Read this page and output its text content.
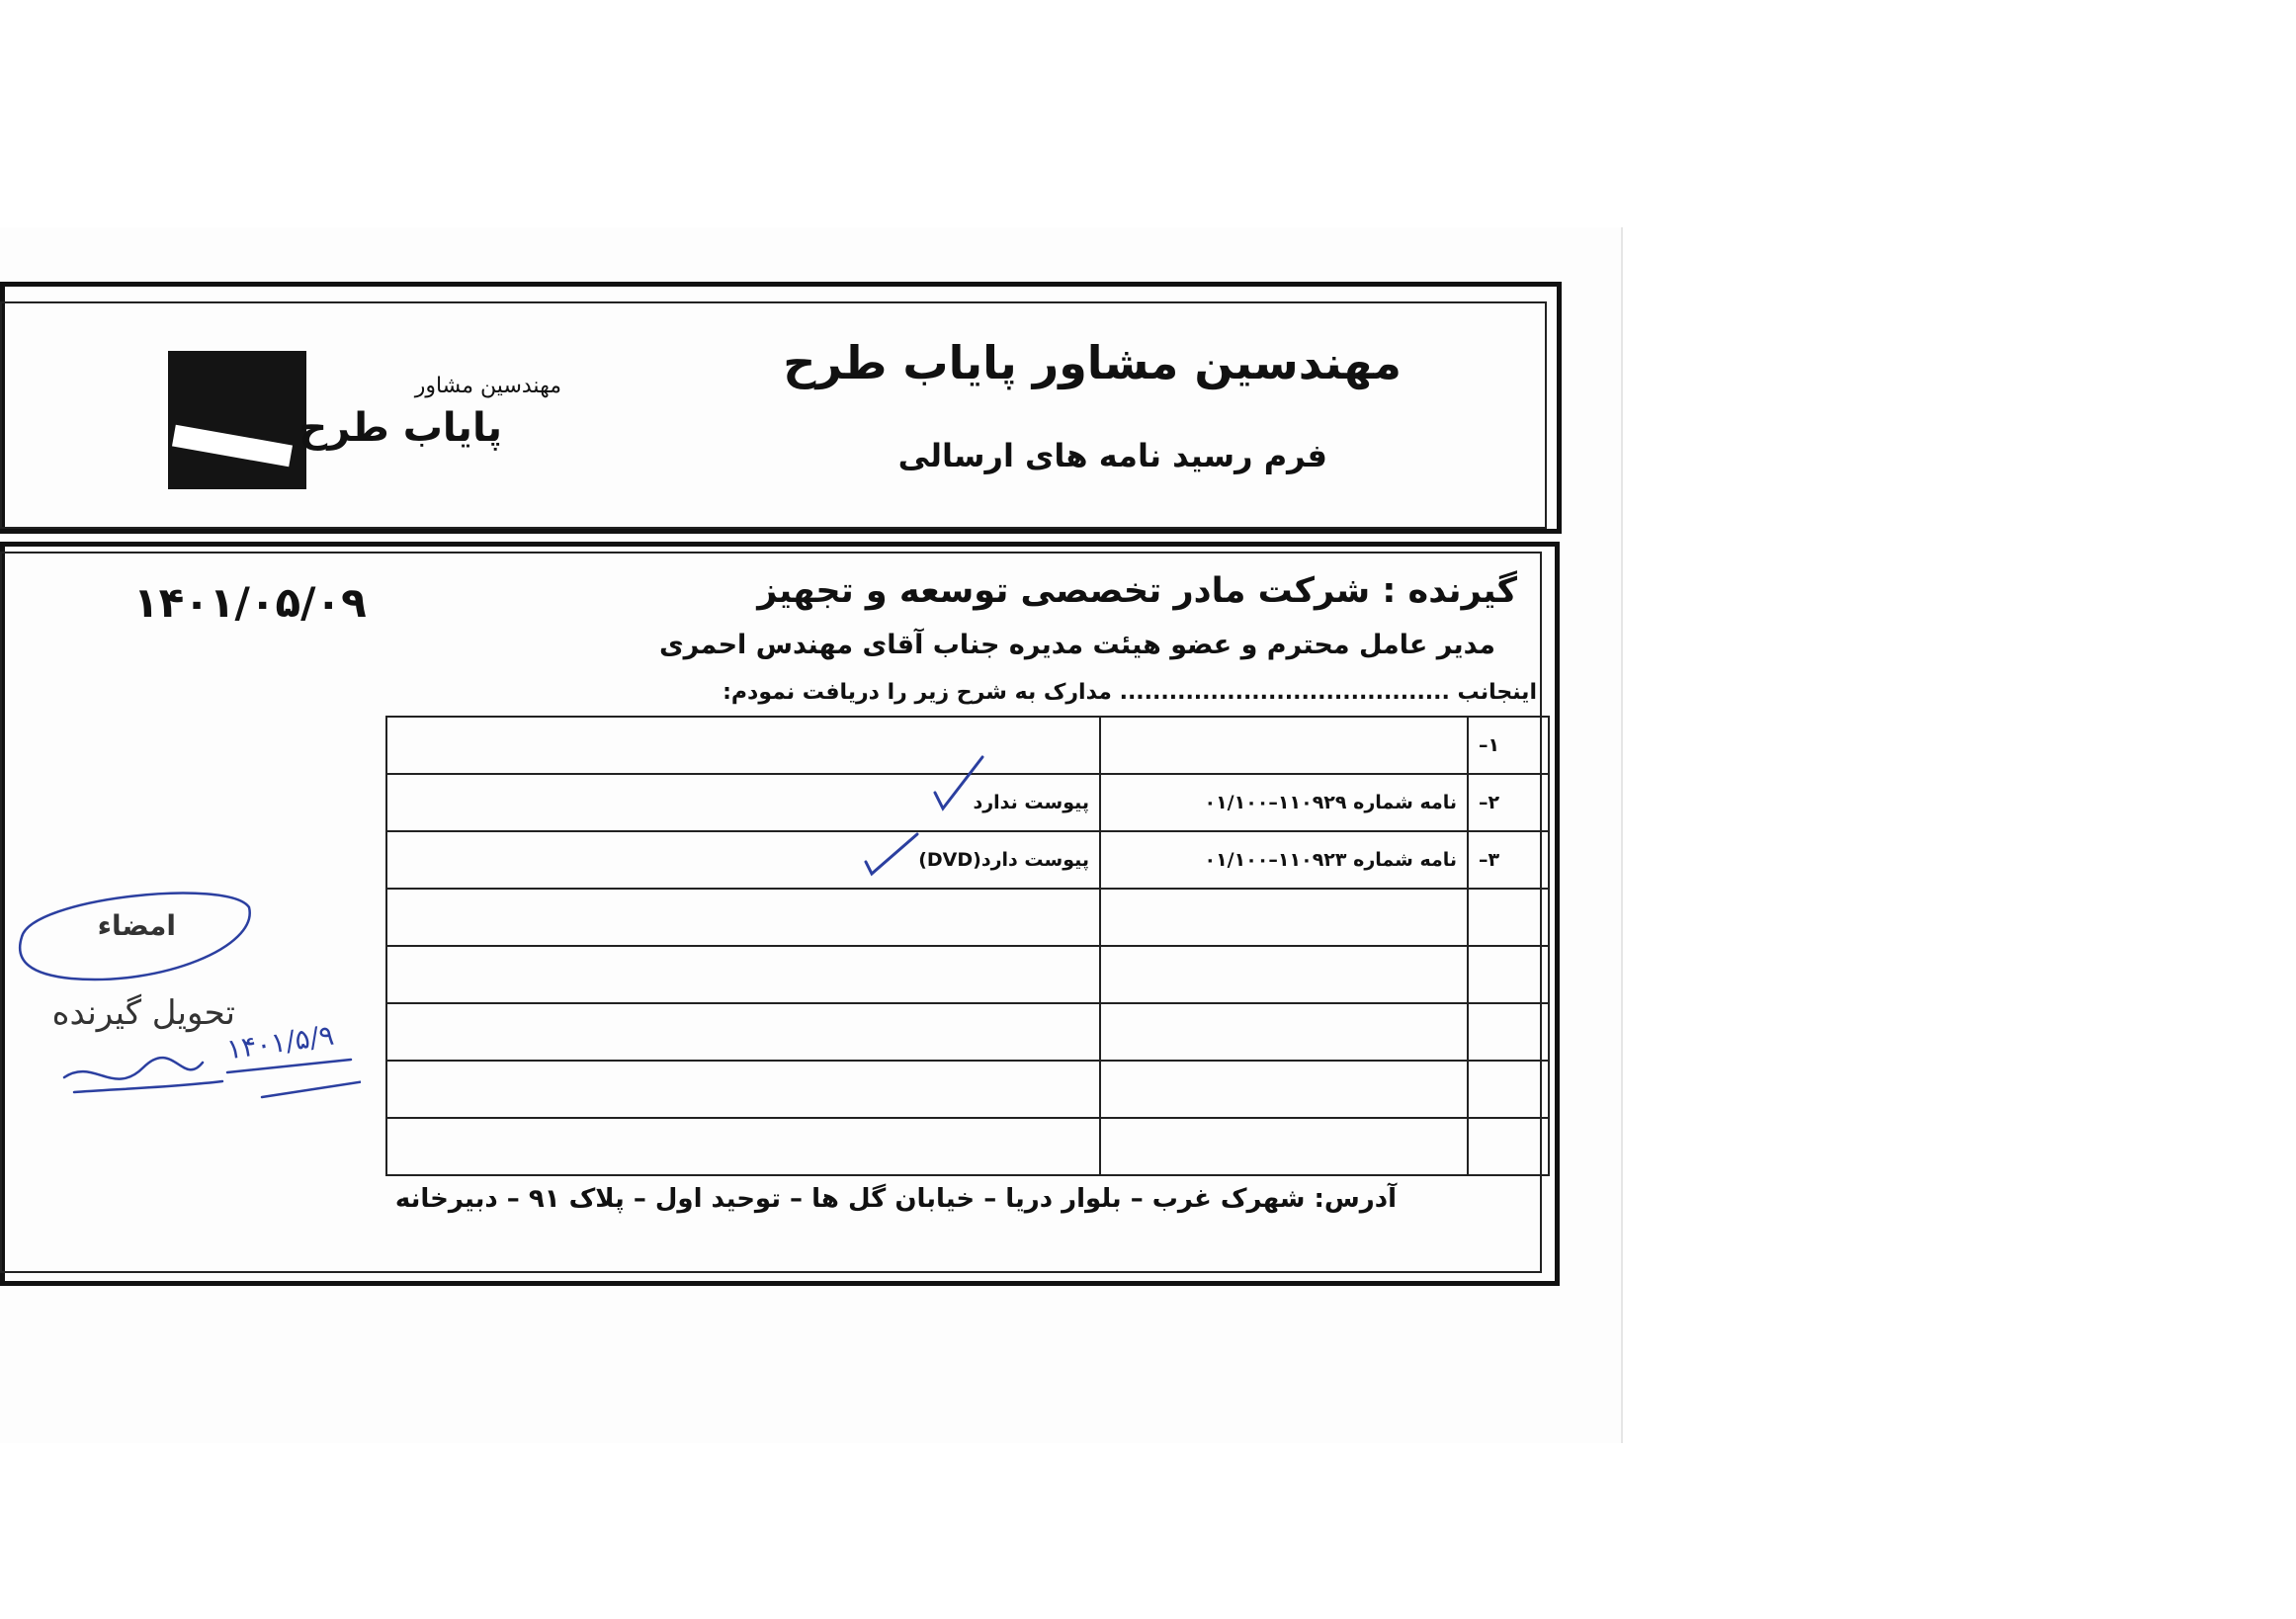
مهندسین مشاور پایاب طرح
فرم رسید نامه های ارسالی
مهندسین مشاور
پایاب طرح
گیرنده : شرکت مادر تخصصی توسعه و تجهیز
مدیر عامل محترم و عضو هیئت مدیره جناب آقای مهندس احمری
اینجانب ........................................ مدارک به شرح زیر را دریافت نمودم:
۱۴۰۱/۰۵/۰۹
		۱–
پیوست ندارد	نامه شماره ۱۱۰۹۲۹–۰۱/۱۰۰	۲–
پیوست دارد(DVD)	نامه شماره ۱۱۰۹۲۳–۰۱/۱۰۰	۳–

امضاء
تحویل گیرنده
۱۴۰۱/۵/۹
آدرس: شهرک غرب – بلوار دریا – خیابان گل ها – توحید اول – پلاک ۹۱ – دبیرخانه
